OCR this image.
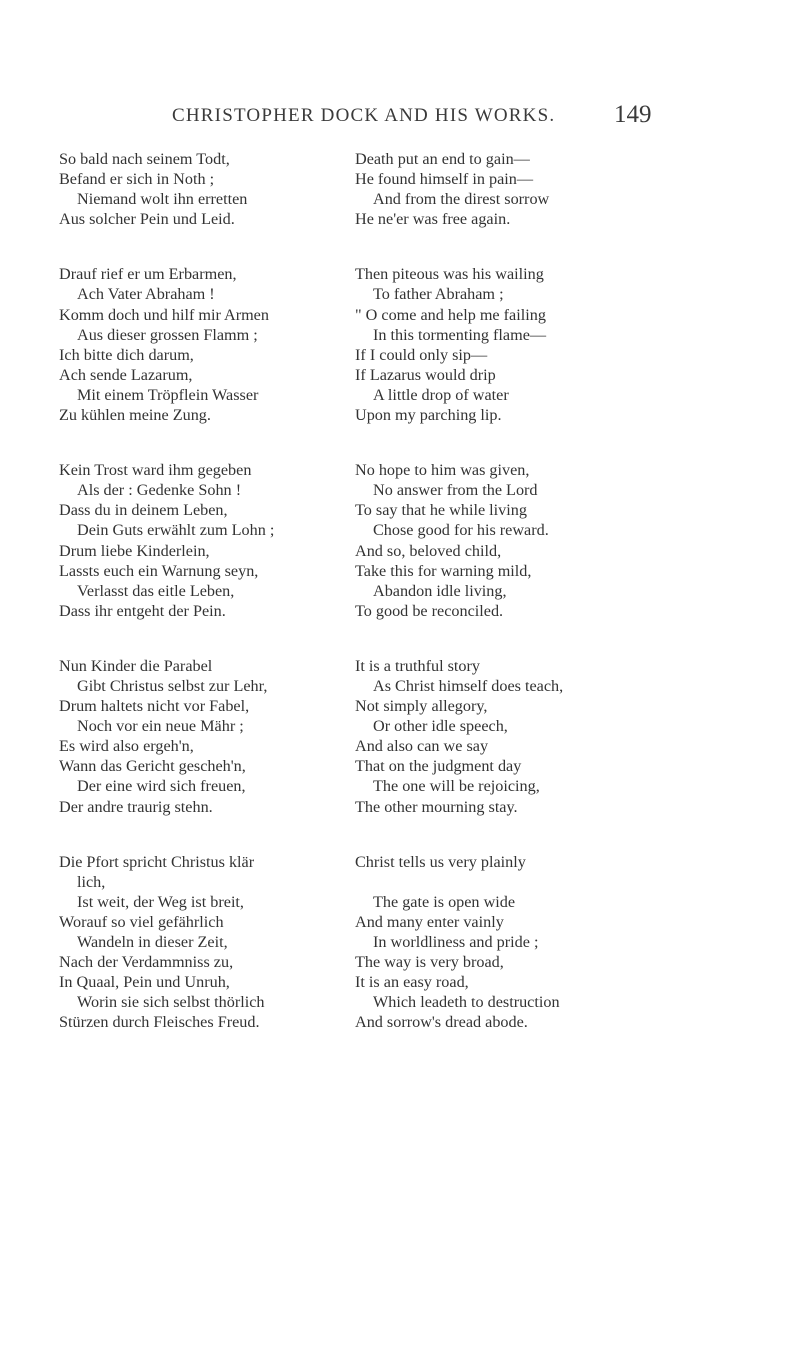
CHRISTOPHER DOCK AND HIS WORKS.	149
So bald nach seinem Todt,
Befand er sich in Noth ;
Niemand wolt ihn erretten
Aus solcher Pein und Leid.
Drauf rief er um Erbarmen,
Ach Vater Abraham !
Komm doch und hilf mir Armen
Aus dieser grossen Flamm ;
Ich bitte dich darum,
Ach sende Lazarum,
Mit einem Tröpflein Wasser
Zu kühlen meine Zung.
Kein Trost ward ihm gegeben
Als der : Gedenke Sohn !
Dass du in deinem Leben,
Dein Guts erwählt zum Lohn ;
Drum liebe Kinderlein,
Lassts euch ein Warnung seyn,
Verlasst das eitle Leben,
Dass ihr entgeht der Pein.
Nun Kinder die Parabel
Gibt Christus selbst zur Lehr,
Drum haltets nicht vor Fabel,
Noch vor ein neue Mähr ;
Es wird also ergeh'n,
Wann das Gericht gescheh'n,
Der eine wird sich freuen,
Der andre traurig stehn.
Die Pfort spricht Christus klär
lich,
Ist weit, der Weg ist breit,
Worauf so viel gefährlich
Wandeln in dieser Zeit,
Nach der Verdammniss zu,
In Quaal, Pein und Unruh,
Worin sie sich selbst thörlich
Stürzen durch Fleisches Freud.
Death put an end to gain—
He found himself in pain—
And from the direst sorrow
He ne'er was free again.
Then piteous was his wailing
To father Abraham ;
" O come and help me failing
In this tormenting flame—
If I could only sip—
If Lazarus would drip
A little drop of water
Upon my parching lip.
No hope to him was given,
No answer from the Lord
To say that he while living
Chose good for his reward.
And so, beloved child,
Take this for warning mild,
Abandon idle living,
To good be reconciled.
It is a truthful story
As Christ himself does teach,
Not simply allegory,
Or other idle speech,
And also can we say
That on the judgment day
The one will be rejoicing,
The other mourning stay.
Christ tells us very plainly

The gate is open wide
And many enter vainly
In worldliness and pride ;
The way is very broad,
It is an easy road,
Which leadeth to destruction
And sorrow's dread abode.
